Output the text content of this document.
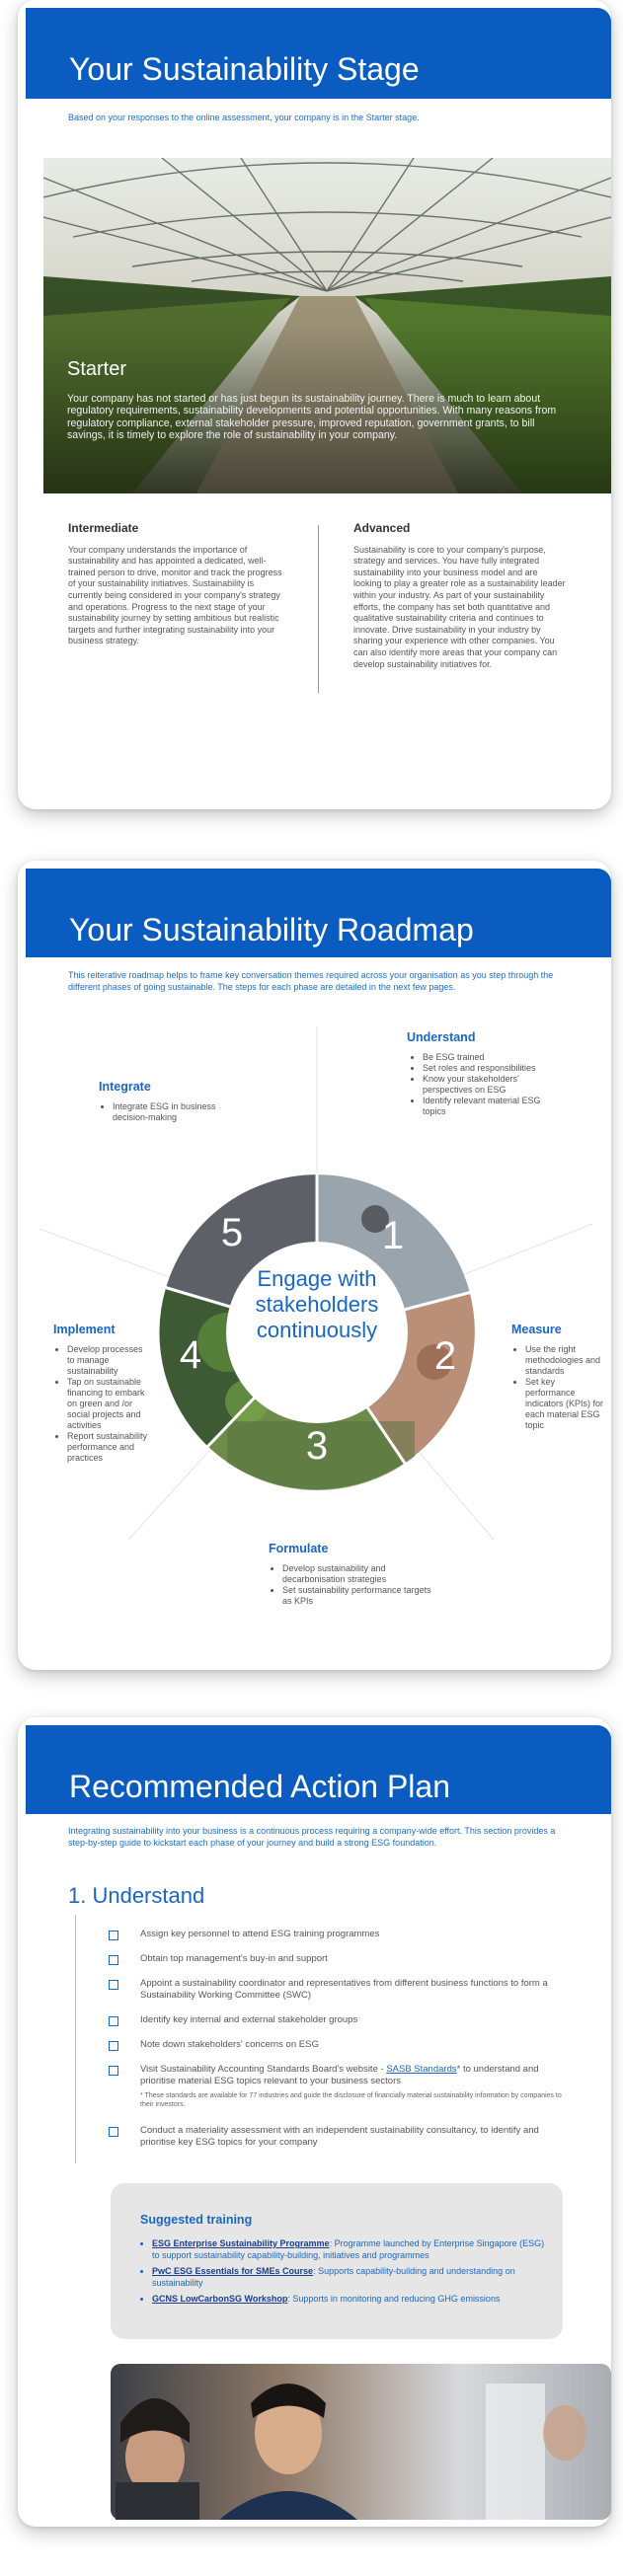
Your Sustainability Stage
Based on your responses to the online assessment, your company is in the Starter stage.
Starter
Your company has not started or has just begun its sustainability journey. There is much to learn about regulatory requirements, sustainability developments and potential opportunities. With many reasons from regulatory compliance, external stakeholder pressure, improved reputation, government grants, to bill savings, it is timely to explore the role of sustainability in your company.
Intermediate
Your company understands the importance of sustainability and has appointed a dedicated, well-trained person to drive, monitor and track the progress of your sustainability initiatives. Sustainability is currently being considered in your company's strategy and operations. Progress to the next stage of your sustainability journey by setting ambitious but realistic targets and further integrating sustainability into your business strategy.
Advanced
Sustainability is core to your company's purpose, strategy and services. You have fully integrated sustainability into your business model and are looking to play a greater role as a sustainability leader within your industry. As part of your sustainability efforts, the company has set both quantitative and qualitative sustainability criteria and continues to innovate. Drive sustainability in your industry by sharing your experience with other companies. You can also identify more areas that your company can develop sustainability initiatives for.
Your Sustainability Roadmap
This reiterative roadmap helps to frame key conversation themes required across your organisation as you step through the different phases of going sustainable. The steps for each phase are detailed in the next few pages.
1
2
3
4
5
Engage with stakeholders continuously
Understand
• Be ESG trained
• Set roles and responsibilities
• Know your stakeholders' perspectives on ESG
• Identify relevant material ESG topics
Integrate
• Integrate ESG in business decision-making
Measure
• Use the right methodologies and standards
• Set key performance indicators (KPIs) for each material ESG topic
Implement
• Develop processes to manage sustainability
• Tap on sustainable financing to embark on green and /or social projects and activities
• Report sustainability performance and practices
Formulate
• Develop sustainability and decarbonisation strategies
• Set sustainability performance targets as KPIs
Recommended Action Plan
Integrating sustainability into your business is a continuous process requiring a company-wide effort. This section provides a step-by-step guide to kickstart each phase of your journey and build a strong ESG foundation.
1. Understand
Assign key personnel to attend ESG training programmes
Obtain top management's buy-in and support
Appoint a sustainability coordinator and representatives from different business functions to form a Sustainability Working Committee (SWC)
Identify key internal and external stakeholder groups
Note down stakeholders' concerns on ESG
Visit Sustainability Accounting Standards Board's website - SASB Standards* to understand and prioritise material ESG topics relevant to your business sectors
* These standards are available for 77 industries and guide the disclosure of financially material sustainability information by companies to their investors.
Conduct a materiality assessment with an independent sustainability consultancy, to identify and prioritise key ESG topics for your company
Suggested training
• ESG Enterprise Sustainability Programme: Programme launched by Enterprise Singapore (ESG) to support sustainability capability-building, initiatives and programmes
• PwC ESG Essentials for SMEs Course: Supports capability-building and understanding on sustainability
• GCNS LowCarbonSG Workshop: Supports in monitoring and reducing GHG emissions
